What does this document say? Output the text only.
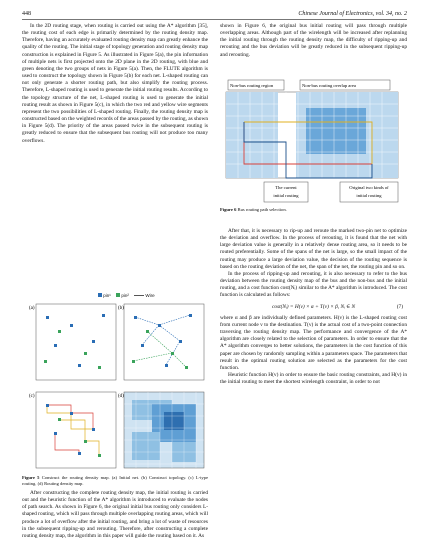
448	Chinese Journal of Electronics, vol. 34, no. 2

In the 2D routing stage, when routing is carried out using the A* algorithm [35], the routing cost of each edge is primarily determined by the routing density map. Therefore, having an accurately evaluated routing density map can greatly enhance the quality of the routing. The initial stage of topology generation and routing density map construction is explained in Figure 5. As illustrated in Figure 5(a), the pin information of multiple nets is first projected onto the 2D plane in the 2D routing, with blue and green denoting the two groups of nets in Figure 5(a). Then, the FLUTE algorithm is used to construct the topology shown in Figure 5(b) for each net. L-shaped routing can not only generate a shorter routing path, but also simplify the routing process. Therefore, L-shaped routing is used to generate the initial routing results. According to the topology structure of the net, L-shaped routing is used to generate the initial routing result as shown in Figure 5(c), in which the two red and yellow wire segments represent the two possibilities of L-shaped routing. Finally, the routing density map is constructed based on the weighted records of the areas passed by the routing, as shown in Figure 5(d). The priority of the areas passed twice in the subsequent routing is greatly reduced to ensure that the subsequent bus routing will not produce too many overflows.

pin¹ pin²	Wire
(a)	(b)
(c)	(d)
Figure 5 Construct the routing density map. (a) Initial net. (b) Construct topology. (c) L-type routing. (d) Routing density map.

After constructing the complete routing density map, the initial routing is carried out and the heuristic function of the A* algorithm is introduced to evaluate the nodes of path search. As shown in Figure 6, the original initial bus routing only considers L-shaped routing, which will pass through multiple overlapping routing areas, which will produce a lot of overflow after the initial routing, and bring a lot of waste of resources in the subsequent ripping-up and rerouting. Therefore, after constructing a complete routing density map, the algorithm in this paper will guide the routing based on it. As

shown in Figure 6, the original bus initial routing will pass through multiple overlapping areas. Although part of the wirelength will be increased after replanning the initial routing through the routing density map, the difficulty of ripping-up and rerouting and the bus deviation will be greatly reduced in the subsequent ripping-up and rerouting.

Non-bus routing region	Non-bus routing overlap area
The current
initial routing
Original two kinds of
initial routing
Figure 6 Bus routing path selection.

After that, it is necessary to rip-up and reroute the marked two-pin net to optimize the deviation and overflow. In the process of rerouting, it is found that the net with large deviation value is generally in a relatively dense routing area, so it needs to be routed preferentially. Some of the spans of the net is large, so the small impact of the routing may produce a large deviation value, the decision of the routing sequence is based on the routing deviation of the net, the span of the net, the routing pin and so on.

In the process of ripping-up and rerouting, it is also necessary to refer to the bus deviation between the routing density map of the bus and the non-bus and the initial routing, and a cost function cost(Nᵢ) similar to the A* algorithm is introduced. The cost function is calculated as follows:

cost(Nᵢ) = H(v) × α + T(v) × β, Nᵢ ∈ N	(7)

where α and β are individually defined parameters. H(v) is the L-shaped routing cost from current node v to the destination. T(v) is the actual cost of a two-point connection traversing the routing density map. The performance and convergence of the A* algorithm are closely related to the selection of parameters. In order to ensure that the A* algorithm converges to better solutions, the parameters in the cost function of this paper are chosen by randomly sampling within a parameters space. The parameters that result in the optimal routing solution are selected as the parameters for the cost function.

Heuristic function H(v) in order to ensure the basic routing constraints, and H(v) in the initial routing to meet the shortest wirelength constraint, in order to not
